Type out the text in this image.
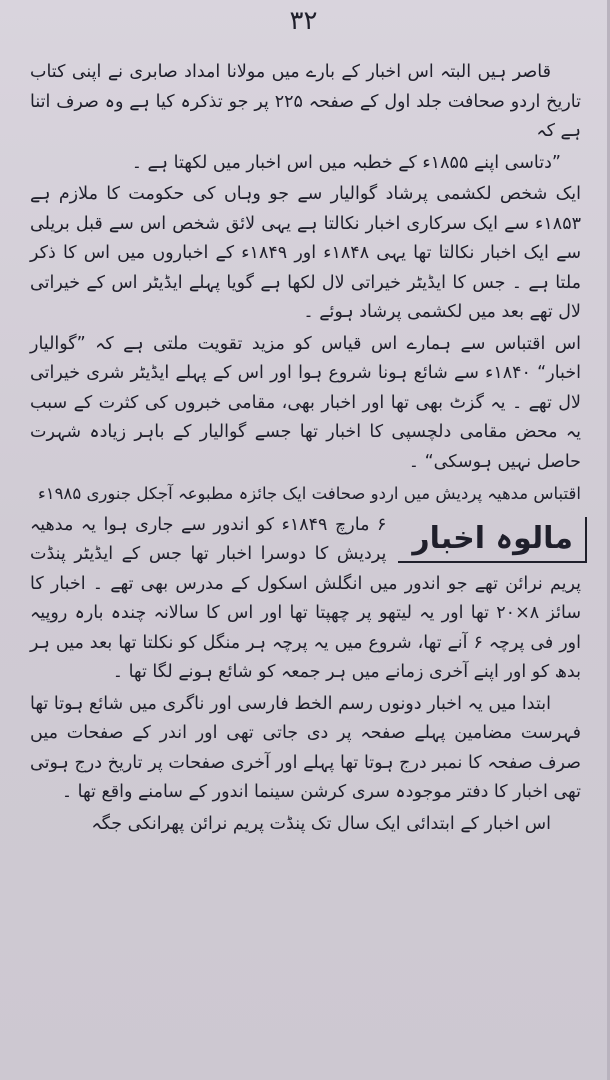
۳۲

قاصر ہیں البتہ اس اخبار کے بارے میں مولانا امداد صابری نے اپنی کتاب تاریخ اردو صحافت جلد اول کے صفحہ ۲۲۵ پر جو تذکرہ کیا ہے وہ صرف اتنا ہے کہ

”دتاسی اپنے ۱۸۵۵ء کے خطبہ میں اس اخبار میں لکھتا ہے ۔

ایک شخص لکشمی پرشاد گوالیار سے جو وہاں کی حکومت کا ملازم ہے ۱۸۵۳ء سے ایک سرکاری اخبار نکالتا ہے یہی لائق شخص اس سے قبل بریلی سے ایک اخبار نکالتا تھا یہی ۱۸۴۸ء اور ۱۸۴۹ء کے اخباروں میں اس کا ذکر ملتا ہے ۔ جس کا ایڈیٹر خیراتی لال لکھا ہے گویا پہلے ایڈیٹر اس کے خیراتی لال تھے بعد میں لکشمی پرشاد ہوئے ۔

اس اقتباس سے ہمارے اس قیاس کو مزید تقویت ملتی ہے کہ ”گوالیار اخبار“ ۱۸۴۰ء سے شائع ہونا شروع ہوا اور اس کے پہلے ایڈیٹر شری خیراتی لال تھے ۔ یہ گزٹ بھی تھا اور اخبار بھی، مقامی خبروں کی کثرت کے سبب یہ محض مقامی دلچسپی کا اخبار تھا جسے گوالیار کے باہر زیادہ شہرت حاصل نہیں ہوسکی“ ۔

اقتباس مدھیہ پردیش میں اردو صحافت ایک جائزہ مطبوعہ آجکل جنوری ۱۹۸۵ء

مالوہ اخبار

۶ مارچ ۱۸۴۹ء کو اندور سے جاری ہوا یہ مدھیہ پردیش کا دوسرا اخبار تھا جس کے ایڈیٹر پنڈت پریم نرائن تھے جو اندور میں انگلش اسکول کے مدرس بھی تھے ۔ اخبار کا سائز ۸×۲۰ تھا اور یہ لیتھو پر چھپتا تھا اور اس کا سالانہ چندہ بارہ روپیہ اور فی پرچہ ۶ آنے تھا، شروع میں یہ پرچہ ہر منگل کو نکلتا تھا بعد میں ہر بدھ کو اور اپنے آخری زمانے میں ہر جمعہ کو شائع ہونے لگا تھا ۔

ابتدا میں یہ اخبار دونوں رسم الخط فارسی اور ناگری میں شائع ہوتا تھا فہرست مضامین پہلے صفحہ پر دی جاتی تھی اور اندر کے صفحات میں صرف صفحہ کا نمبر درج ہوتا تھا پہلے اور آخری صفحات پر تاریخ درج ہوتی تھی اخبار کا دفتر موجودہ سری کرشن سینما اندور کے سامنے واقع تھا ۔

اس اخبار کے ابتدائی ایک سال تک پنڈت پریم نرائن پھرانکی جگہ
